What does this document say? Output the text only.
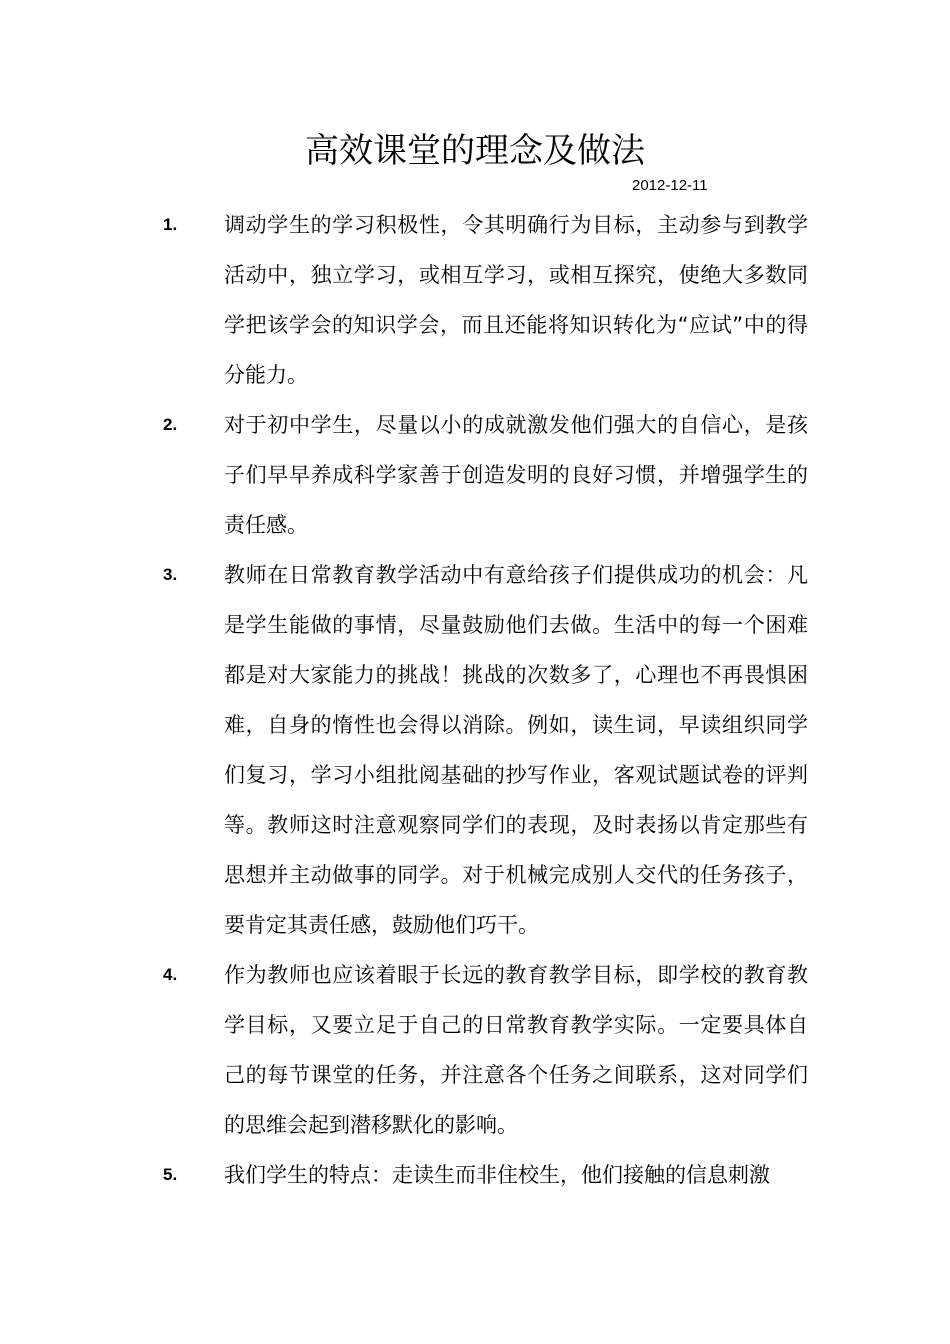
高效课堂的理念及做法
2012-12-11
1. 调动学生的学习积极性，令其明确行为目标，主动参与到教学活动中，独立学习，或相互学习，或相互探究，使绝大多数同学把该学会的知识学会，而且还能将知识转化为“应试”中的得分能力。
2. 对于初中学生，尽量以小的成就激发他们强大的自信心，是孩子们早早养成科学家善于创造发明的良好习惯，并增强学生的责任感。
3. 教师在日常教育教学活动中有意给孩子们提供成功的机会：凡是学生能做的事情，尽量鼓励他们去做。生活中的每一个困难都是对大家能力的挑战！挑战的次数多了，心理也不再畏惧困难，自身的惰性也会得以消除。例如，读生词，早读组织同学们复习，学习小组批阅基础的抄写作业，客观试题试卷的评判等。教师这时注意观察同学们的表现，及时表扬以肯定那些有思想并主动做事的同学。对于机械完成别人交代的任务孩子，要肯定其责任感，鼓励他们巧干。
4. 作为教师也应该着眼于长远的教育教学目标，即学校的教育教学目标，又要立足于自己的日常教育教学实际。一定要具体自己的每节课堂的任务，并注意各个任务之间联系，这对同学们的思维会起到潜移默化的影响。
5. 我们学生的特点：走读生而非住校生，他们接触的信息刺激
